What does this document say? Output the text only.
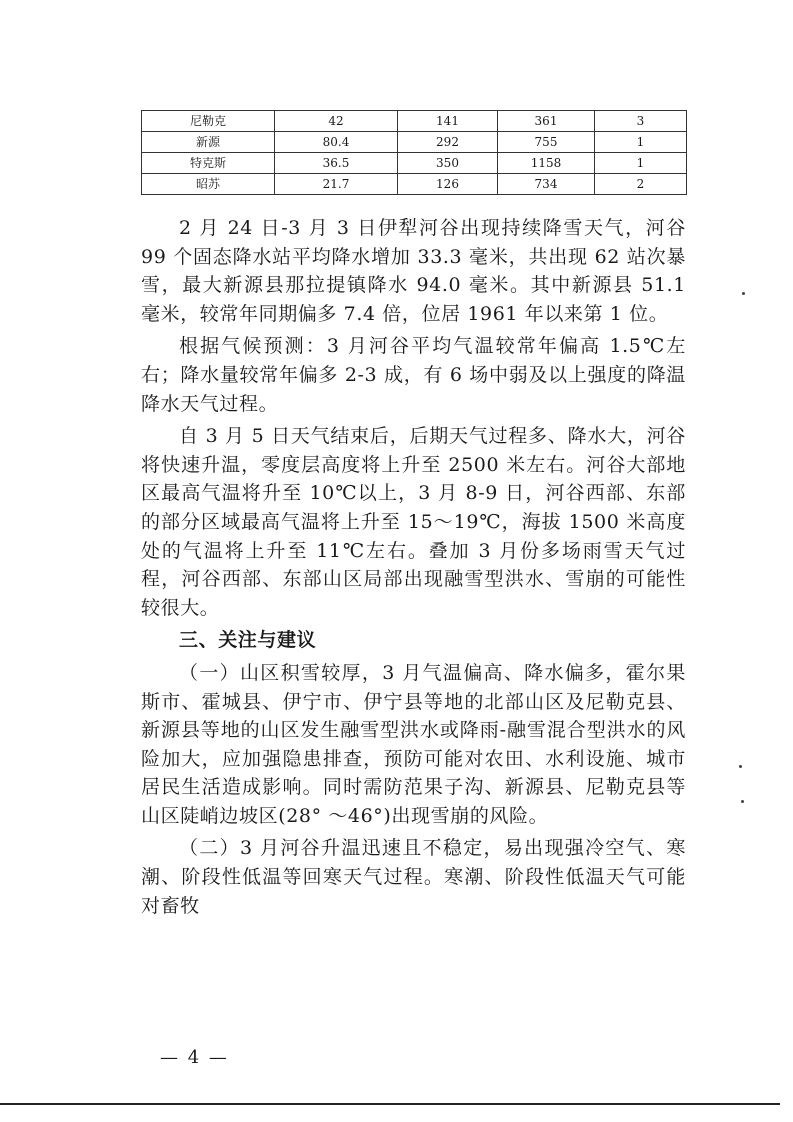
尼勒克	42	141	361	3
新源	80.4	292	755	1
特克斯	36.5	350	1158	1
昭苏	21.7	126	734	2

2 月 24 日-3 月 3 日伊犁河谷出现持续降雪天气，河谷 99 个固态降水站平均降水增加 33.3 毫米，共出现 62 站次暴雪，最大新源县那拉提镇降水 94.0 毫米。其中新源县 51.1 毫米，较常年同期偏多 7.4 倍，位居 1961 年以来第 1 位。

根据气候预测：3 月河谷平均气温较常年偏高 1.5℃左右；降水量较常年偏多 2-3 成，有 6 场中弱及以上强度的降温降水天气过程。

自 3 月 5 日天气结束后，后期天气过程多、降水大，河谷将快速升温，零度层高度将上升至 2500 米左右。河谷大部地区最高气温将升至 10℃以上，3 月 8-9 日，河谷西部、东部的部分区域最高气温将上升至 15～19℃，海拔 1500 米高度处的气温将上升至 11℃左右。叠加 3 月份多场雨雪天气过程，河谷西部、东部山区局部出现融雪型洪水、雪崩的可能性较很大。

三、关注与建议

（一）山区积雪较厚，3 月气温偏高、降水偏多，霍尔果斯市、霍城县、伊宁市、伊宁县等地的北部山区及尼勒克县、新源县等地的山区发生融雪型洪水或降雨-融雪混合型洪水的风险加大，应加强隐患排查，预防可能对农田、水利设施、城市居民生活造成影响。同时需防范果子沟、新源县、尼勒克县等山区陡峭边坡区(28° ～46°)出现雪崩的风险。

（二）3 月河谷升温迅速且不稳定，易出现强冷空气、寒潮、阶段性低温等回寒天气过程。寒潮、阶段性低温天气可能对畜牧

— 4 —
